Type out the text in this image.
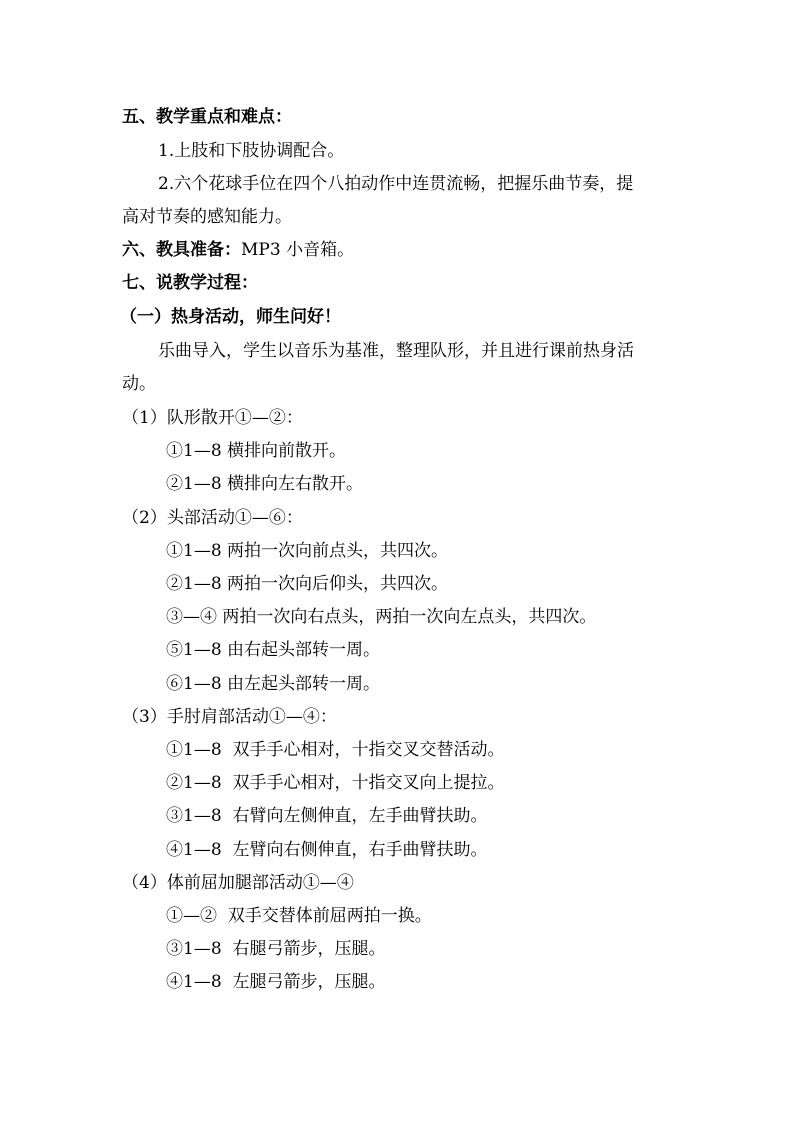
五、教学重点和难点：
1.上肢和下肢协调配合。
2.六个花球手位在四个八拍动作中连贯流畅，把握乐曲节奏，提
高对节奏的感知能力。
六、教具准备：MP3 小音箱。
七、说教学过程：
（一）热身活动，师生问好！
乐曲导入，学生以音乐为基准，整理队形，并且进行课前热身活
动。
（1）队形散开①—②：
①1—8 横排向前散开。
②1—8 横排向左右散开。
（2）头部活动①—⑥：
①1—8 两拍一次向前点头，共四次。
②1—8 两拍一次向后仰头，共四次。
③—④ 两拍一次向右点头，两拍一次向左点头，共四次。
⑤1—8 由右起头部转一周。
⑥1—8 由左起头部转一周。
（3）手肘肩部活动①—④：
①1—8  双手手心相对，十指交叉交替活动。
②1—8  双手手心相对，十指交叉向上提拉。
③1—8  右臂向左侧伸直，左手曲臂扶助。
④1—8  左臂向右侧伸直，右手曲臂扶助。
（4）体前屈加腿部活动①—④
①—②  双手交替体前屈两拍一换。
③1—8  右腿弓箭步，压腿。
④1—8  左腿弓箭步，压腿。
